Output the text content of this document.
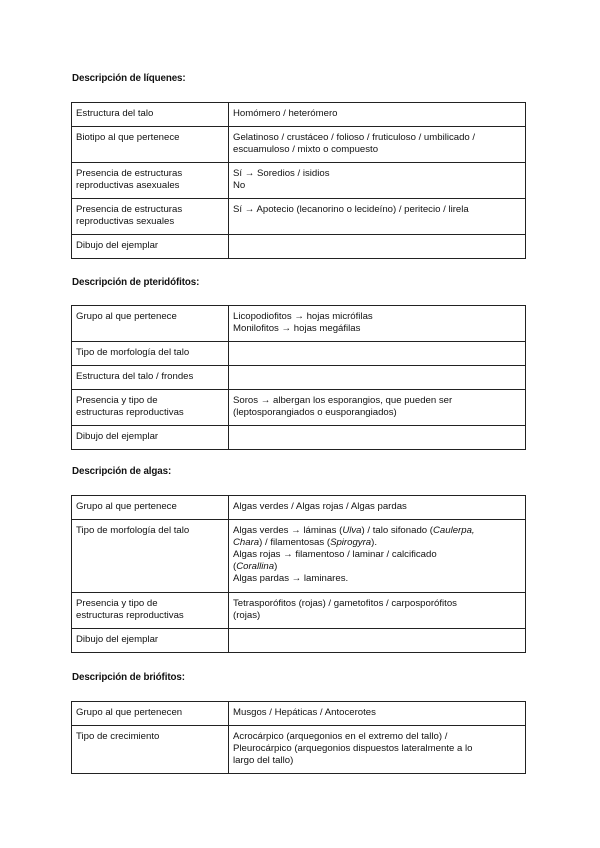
Descripción de líquenes:
Estructura del talo	Homómero / heterómero

Biotipo al que pertenece	Gelatinoso / crustáceo / folioso / fruticuloso / umbilicado /
escuamuloso / mixto o compuesto

Presencia de estructuras
reproductivas asexuales	Sí → Soredios / isidios
No

Presencia de estructuras
reproductivas sexuales	Sí → Apotecio (lecanorino o lecideíno) / peritecio / lirela

Dibujo del ejemplar	

Descripción de pteridófitos:
Grupo al que pertenece	Licopodiofitos → hojas micrófilas
Monilofitos → hojas megáfilas

Tipo de morfología del talo	

Estructura del talo / frondes	

Presencia y tipo de
estructuras reproductivas	Soros → albergan los esporangios, que pueden ser
(leptosporangiados o eusporangiados)

Dibujo del ejemplar	

Descripción de algas:
Grupo al que pertenece	Algas verdes / Algas rojas / Algas pardas

Tipo de morfología del talo	Algas verdes → láminas (Ulva) / talo sifonado (Caulerpa,
Chara) / filamentosas (Spirogyra).
Algas rojas → filamentoso / laminar / calcificado
(Corallina)
Algas pardas → laminares.

Presencia y tipo de
estructuras reproductivas	Tetrasporófitos (rojas) / gametofitos / carposporófitos
(rojas)

Dibujo del ejemplar	

Descripción de briófitos:
Grupo al que pertenecen	Musgos / Hepáticas / Antocerotes

Tipo de crecimiento	Acrocárpico (arquegonios en el extremo del tallo) /
Pleurocárpico (arquegonios dispuestos lateralmente a lo
largo del tallo)
